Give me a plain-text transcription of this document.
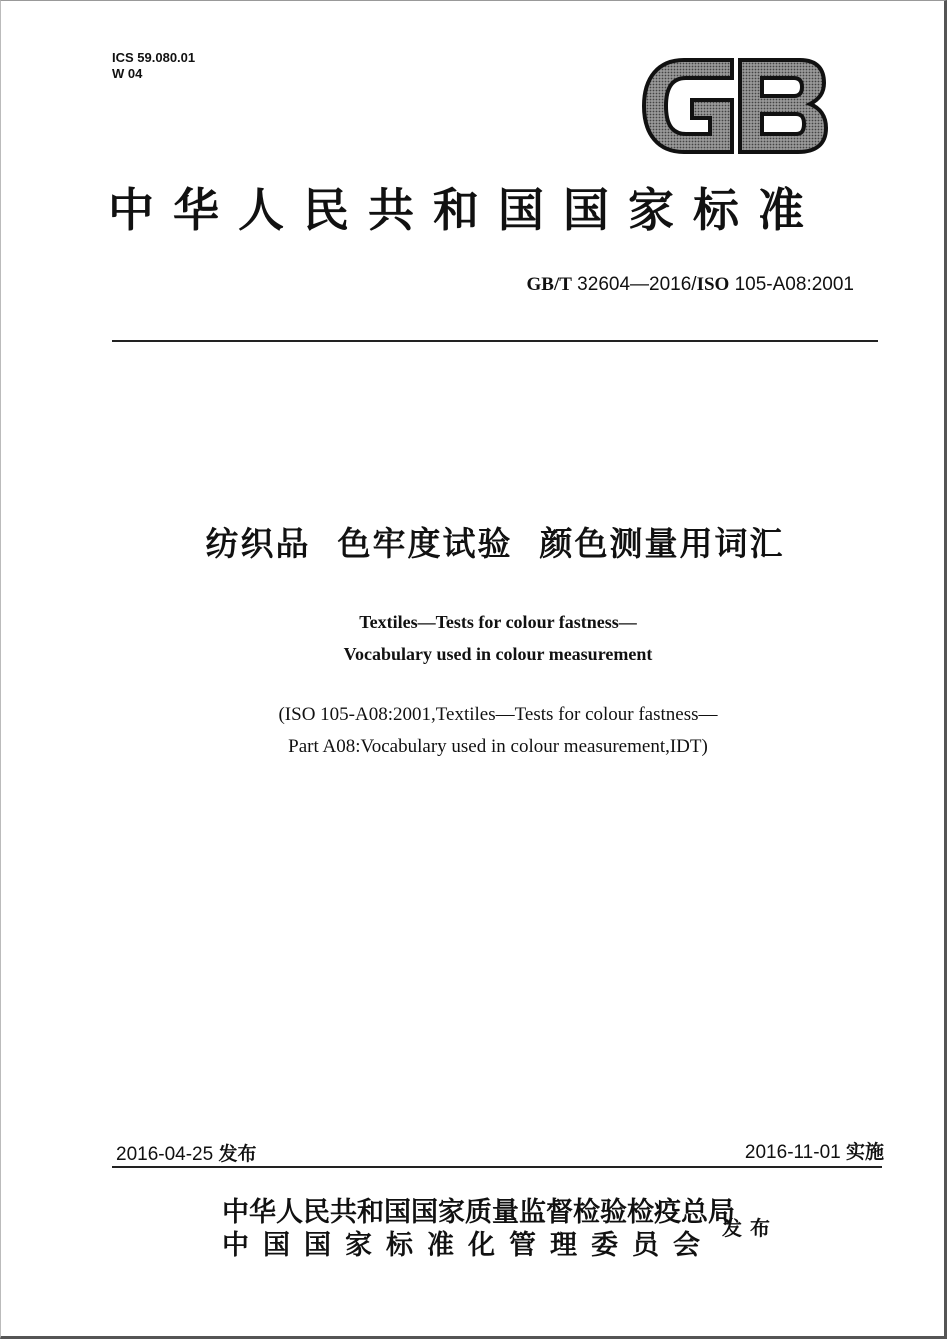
ICS 59.080.01
W 04
中华人民共和国国家标准
GB/T 32604—2016/ISO 105-A08:2001
纺织品  色牢度试验  颜色测量用词汇
Textiles—Tests for colour fastness—
Vocabulary used in colour measurement
(ISO 105-A08:2001,Textiles—Tests for colour fastness—
Part A08:Vocabulary used in colour measurement,IDT)
2016-04-25 发布	2016-11-01 实施
中华人民共和国国家质量监督检验检疫总局
中国国家标准化管理委员会
发布
